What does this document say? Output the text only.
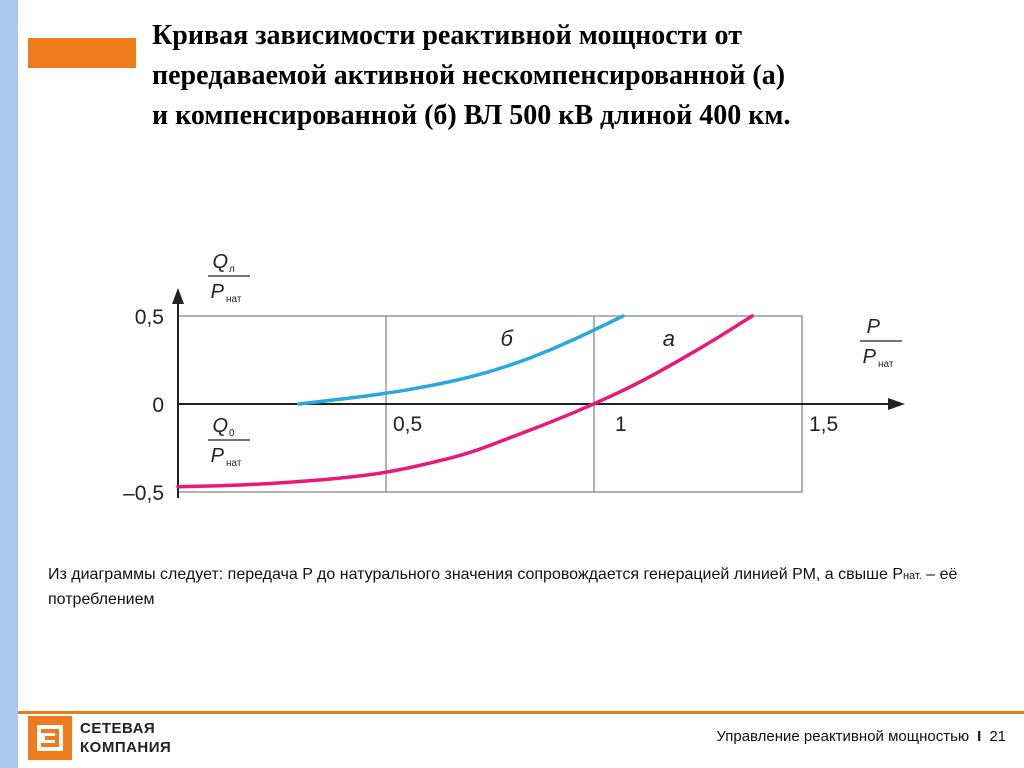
Кривая зависимости реактивной мощности от
передаваемой активной нескомпенсированной (а)
и компенсированной (б) ВЛ 500 кВ длиной 400 км.
0,5
0
–0,5
0,5	1	1,5
Q л
P нат
P
P нат
Q 0
P нат
б	а
Из диаграммы следует: передача P до натурального значения сопровождается генерацией линией РМ, а свыше Pнат. – её потреблением
СЕТЕВАЯ
КОМПАНИЯ
Управление реактивной мощностью I 21
